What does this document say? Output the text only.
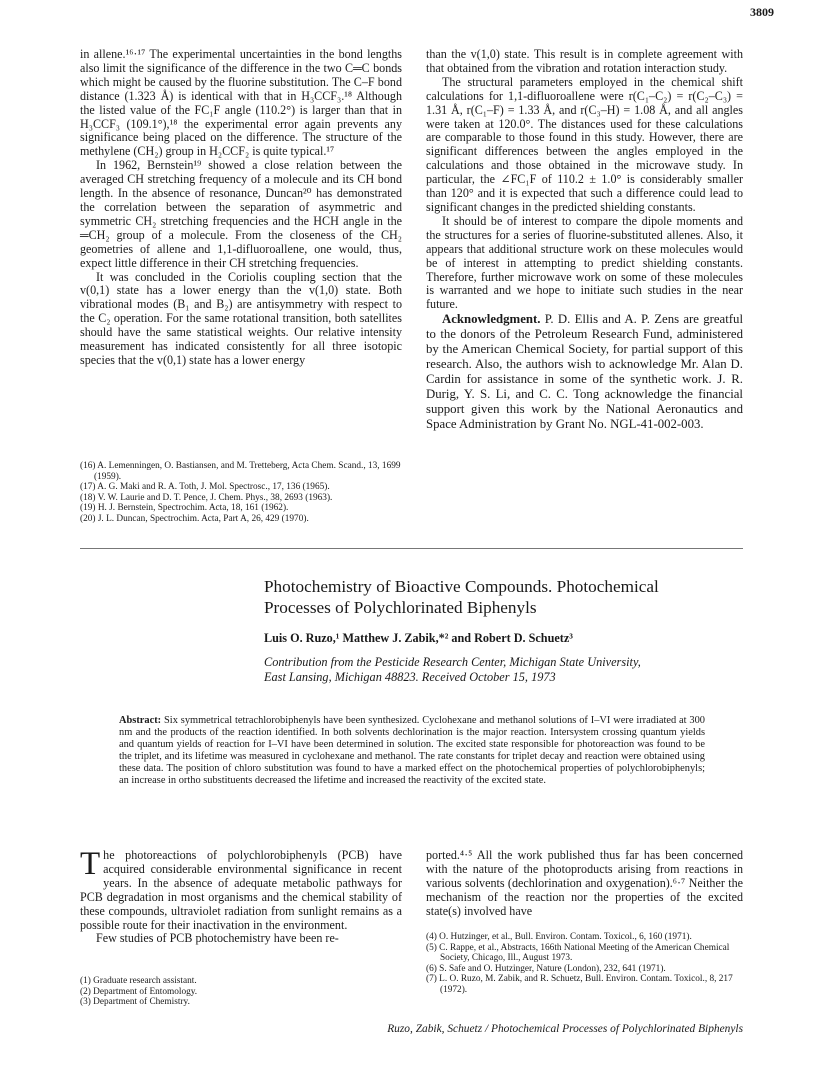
3809

in allene.¹⁶·¹⁷ The experimental uncertainties in the bond lengths also limit the significance of the difference in the two C═C bonds which might be caused by the fluorine substitution. The C–F bond distance (1.323 Å) is identical with that in H₃CCF₃.¹⁸ Although the listed value of the FC₁F angle (110.2°) is larger than that in H₃CCF₃ (109.1°),¹⁸ the experimental error again prevents any significance being placed on the difference. The structure of the methylene (CH₂) group in H₂CCF₂ is quite typical.¹⁷

In 1962, Bernstein¹⁹ showed a close relation between the averaged CH stretching frequency of a molecule and its CH bond length. In the absence of resonance, Duncan²⁰ has demonstrated the correlation between the separation of asymmetric and symmetric CH₂ stretching frequencies and the HCH angle in the ═CH₂ group of a molecule. From the closeness of the CH₂ geometries of allene and 1,1-difluoroallene, one would, thus, expect little difference in their CH stretching frequencies.

It was concluded in the Coriolis coupling section that the v(0,1) state has a lower energy than the v(1,0) state. Both vibrational modes (B₁ and B₂) are antisymmetry with respect to the C₂ operation. For the same rotational transition, both satellites should have the same statistical weights. Our relative intensity measurement has indicated consistently for all three isotopic species that the v(0,1) state has a lower energy

(16) A. Lemenningen, O. Bastiansen, and M. Tretteberg, Acta Chem. Scand., 13, 1699 (1959).
(17) A. G. Maki and R. A. Toth, J. Mol. Spectrosc., 17, 136 (1965).
(18) V. W. Laurie and D. T. Pence, J. Chem. Phys., 38, 2693 (1963).
(19) H. J. Bernstein, Spectrochim. Acta, 18, 161 (1962).
(20) J. L. Duncan, Spectrochim. Acta, Part A, 26, 429 (1970).

than the v(1,0) state. This result is in complete agreement with that obtained from the vibration and rotation interaction study.

The structural parameters employed in the chemical shift calculations for 1,1-difluoroallene were r(C₁–C₂) = r(C₂–C₃) = 1.31 Å, r(C₁–F) = 1.33 Å, and r(C₃–H) = 1.08 Å, and all angles were taken at 120.0°. The distances used for these calculations are comparable to those found in this study. However, there are significant differences between the angles employed in the calculations and those obtained in the microwave study. In particular, the ∠FC₁F of 110.2 ± 1.0° is considerably smaller than 120° and it is expected that such a difference could lead to significant changes in the predicted shielding constants.

It should be of interest to compare the dipole moments and the structures for a series of fluorine-substituted allenes. Also, it appears that additional structure work on these molecules would be of interest in attempting to predict shielding constants. Therefore, further microwave work on some of these molecules is warranted and we hope to initiate such studies in the near future.

Acknowledgment. P. D. Ellis and A. P. Zens are greatful to the donors of the Petroleum Research Fund, administered by the American Chemical Society, for partial support of this research. Also, the authors wish to acknowledge Mr. Alan D. Cardin for assistance in some of the synthetic work. J. R. Durig, Y. S. Li, and C. C. Tong acknowledge the financial support given this work by the National Aeronautics and Space Administration by Grant No. NGL-41-002-003.

Photochemistry of Bioactive Compounds. Photochemical
Processes of Polychlorinated Biphenyls
Luis O. Ruzo,¹ Matthew J. Zabik,*² and Robert D. Schuetz³
Contribution from the Pesticide Research Center, Michigan State University,
East Lansing, Michigan 48823. Received October 15, 1973
Abstract: Six symmetrical tetrachlorobiphenyls have been synthesized. Cyclohexane and methanol solutions of I–VI were irradiated at 300 nm and the products of the reaction identified. In both solvents dechlorination is the major reaction. Intersystem crossing quantum yields and quantum yields of reaction for I–VI have been determined in solution. The excited state responsible for photoreaction was found to be the triplet, and its lifetime was measured in cyclohexane and methanol. The rate constants for triplet decay and reaction were obtained using these data. The position of chloro substitution was found to have a marked effect on the photochemical properties of polychlorobiphenyls; an increase in ortho substituents decreased the lifetime and increased the reactivity of the excited state.

The photoreactions of polychlorobiphenyls (PCB) have acquired considerable environmental significance in recent years. In the absence of adequate metabolic pathways for PCB degradation in most organisms and the chemical stability of these compounds, ultraviolet radiation from sunlight remains as a possible route for their inactivation in the environment.

Few studies of PCB photochemistry have been re-

(1) Graduate research assistant.
(2) Department of Entomology.
(3) Department of Chemistry.

ported.⁴·⁵ All the work published thus far has been concerned with the nature of the photoproducts arising from reactions in various solvents (dechlorination and oxygenation).⁶·⁷ Neither the mechanism of the reaction nor the properties of the excited state(s) involved have

(4) O. Hutzinger, et al., Bull. Environ. Contam. Toxicol., 6, 160 (1971).
(5) C. Rappe, et al., Abstracts, 166th National Meeting of the American Chemical Society, Chicago, Ill., August 1973.
(6) S. Safe and O. Hutzinger, Nature (London), 232, 641 (1971).
(7) L. O. Ruzo, M. Zabik, and R. Schuetz, Bull. Environ. Contam. Toxicol., 8, 217 (1972).
Ruzo, Zabik, Schuetz / Photochemical Processes of Polychlorinated Biphenyls
